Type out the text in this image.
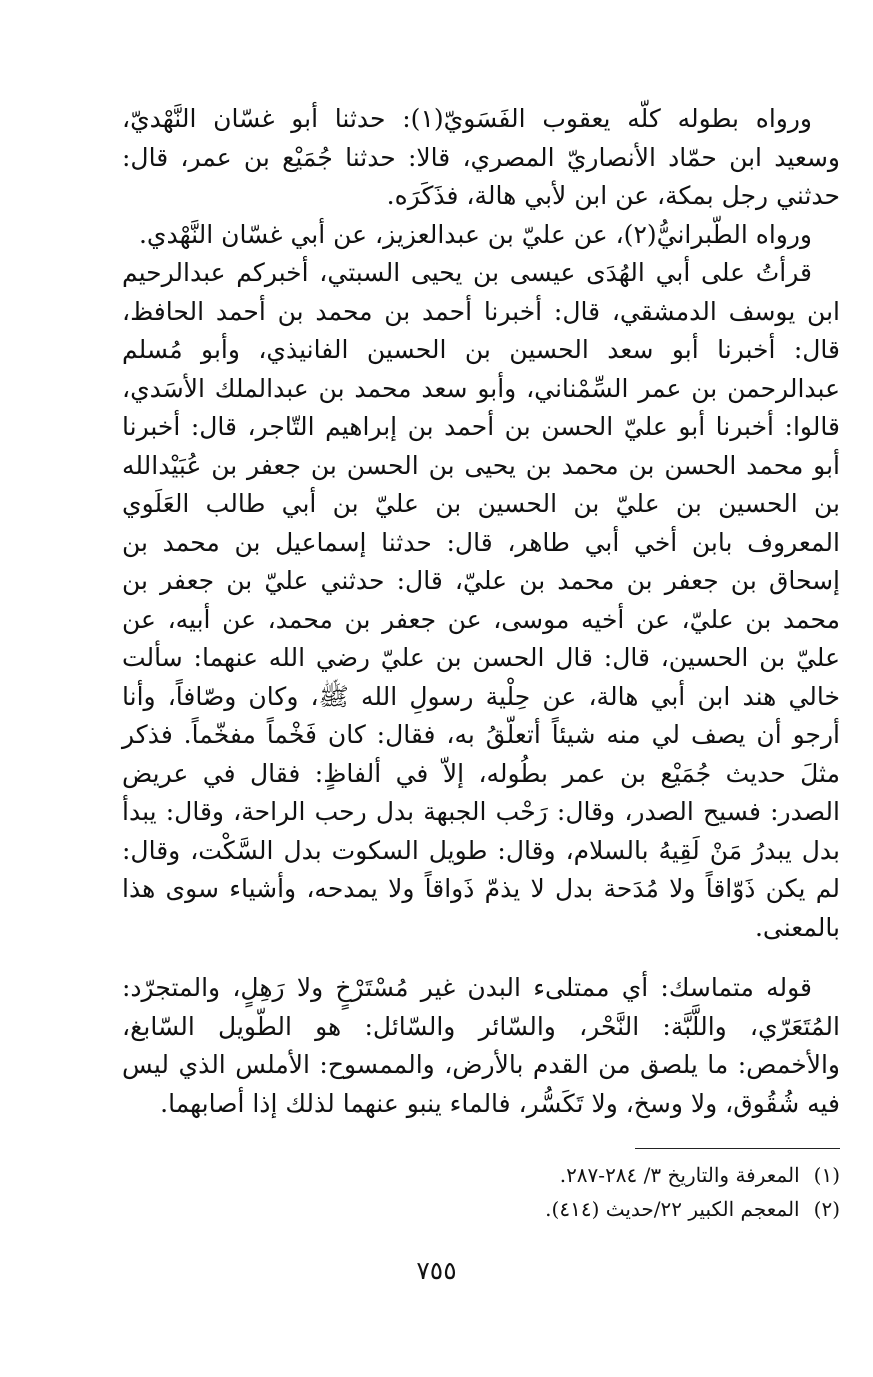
ورواه بطوله كلّه يعقوب الفَسَويّ(١): حدثنا أبو غسّان النَّهْديّ، وسعيد ابن حمّاد الأنصاريّ المصري، قالا: حدثنا جُمَيْع بن عمر، قال: حدثني رجل بمكة، عن ابن لأبي هالة، فذَكَرَه.

ورواه الطّبرانيُّ(٢)، عن عليّ بن عبدالعزيز، عن أبي غسّان النَّهْدي.

قرأتُ على أبي الهُدَى عيسى بن يحيى السبتي، أخبركم عبدالرحيم ابن يوسف الدمشقي، قال: أخبرنا أحمد بن محمد بن أحمد الحافظ، قال: أخبرنا أبو سعد الحسين بن الحسين الفانيذي، وأبو مُسلم عبدالرحمن بن عمر السِّمْناني، وأبو سعد محمد بن عبدالملك الأسَدي، قالوا: أخبرنا أبو عليّ الحسن بن أحمد بن إبراهيم التّاجر، قال: أخبرنا أبو محمد الحسن بن محمد بن يحيى بن الحسن بن جعفر بن عُبَيْدالله بن الحسين بن عليّ بن الحسين بن عليّ بن أبي طالب العَلَوي المعروف بابن أخي أبي طاهر، قال: حدثنا إسماعيل بن محمد بن إسحاق بن جعفر بن محمد بن عليّ، قال: حدثني عليّ بن جعفر بن محمد بن عليّ، عن أخيه موسى، عن جعفر بن محمد، عن أبيه، عن عليّ بن الحسين، قال: قال الحسن بن عليّ رضي الله عنهما: سألت خالي هند ابن أبي هالة، عن حِلْية رسولِ الله ﷺ، وكان وصّافاً، وأنا أرجو أن يصف لي منه شيئاً أتعلّقُ به، فقال: كان فَخْماً مفخّماً. فذكر مثلَ حديث جُمَيْع بن عمر بطُوله، إلاّ في ألفاظٍ: فقال في عريض الصدر: فسيح الصدر، وقال: رَحْب الجبهة بدل رحب الراحة، وقال: يبدأ بدل يبدرُ مَنْ لَقِيهُ بالسلام، وقال: طويل السكوت بدل السَّكْت، وقال: لم يكن ذَوّاقاً ولا مُدَحة بدل لا يذمّ ذَواقاً ولا يمدحه، وأشياء سوى هذا بالمعنى.

قوله متماسك: أي ممتلىء البدن غير مُسْتَرْخٍ ولا رَهِلٍ، والمتجرّد: المُتَعَرّي، واللَّبَّة: النَّحْر، والسّائر والسّائل: هو الطّويل السّابغ، والأخمص: ما يلصق من القدم بالأرض، والممسوح: الأملس الذي ليس فيه شُقُوق، ولا وسخ، ولا تَكَسُّر، فالماء ينبو عنهما لذلك إذا أصابهما.

(١)المعرفة والتاريخ ٣/ ٢٨٤-٢٨٧.
(٢)المعجم الكبير ٢٢/حديث (٤١٤).
٧٥٥
